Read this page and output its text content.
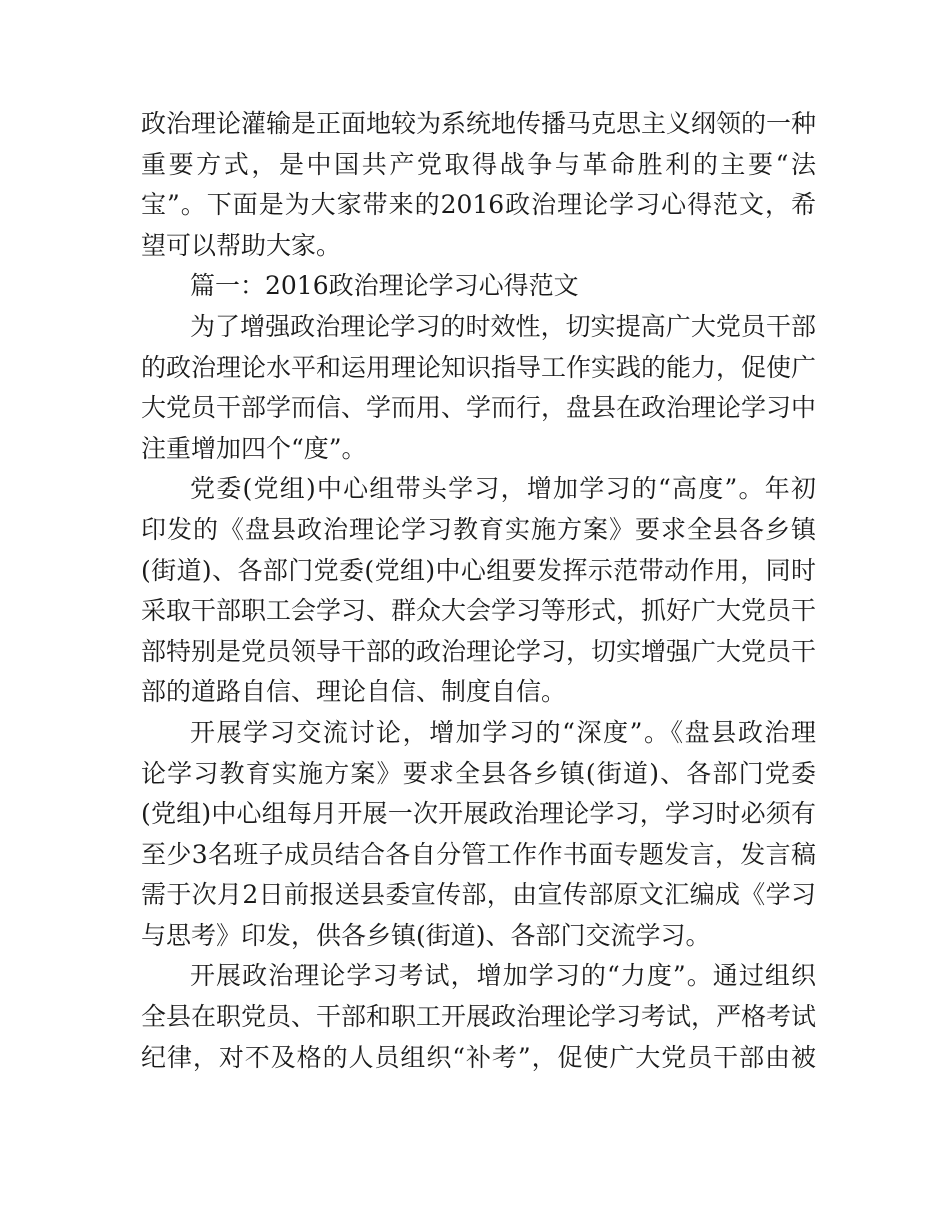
政治理论灌输是正面地较为系统地传播马克思主义纲领的一种
重要方式，是中国共产党取得战争与革命胜利的主要“法
宝”。下面是为大家带来的2016政治理论学习心得范文，希
望可以帮助大家。
篇一：2016政治理论学习心得范文
为了增强政治理论学习的时效性，切实提高广大党员干部
的政治理论水平和运用理论知识指导工作实践的能力，促使广
大党员干部学而信、学而用、学而行，盘县在政治理论学习中
注重增加四个“度”。
党委(党组)中心组带头学习，增加学习的“高度”。年初
印发的《盘县政治理论学习教育实施方案》要求全县各乡镇
(街道)、各部门党委(党组)中心组要发挥示范带动作用，同时
采取干部职工会学习、群众大会学习等形式，抓好广大党员干
部特别是党员领导干部的政治理论学习，切实增强广大党员干
部的道路自信、理论自信、制度自信。
开展学习交流讨论，增加学习的“深度”。《盘县政治理
论学习教育实施方案》要求全县各乡镇(街道)、各部门党委
(党组)中心组每月开展一次开展政治理论学习，学习时必须有
至少3名班子成员结合各自分管工作作书面专题发言，发言稿
需于次月2日前报送县委宣传部，由宣传部原文汇编成《学习
与思考》印发，供各乡镇(街道)、各部门交流学习。
开展政治理论学习考试，增加学习的“力度”。通过组织
全县在职党员、干部和职工开展政治理论学习考试，严格考试
纪律，对不及格的人员组织“补考”，促使广大党员干部由被
